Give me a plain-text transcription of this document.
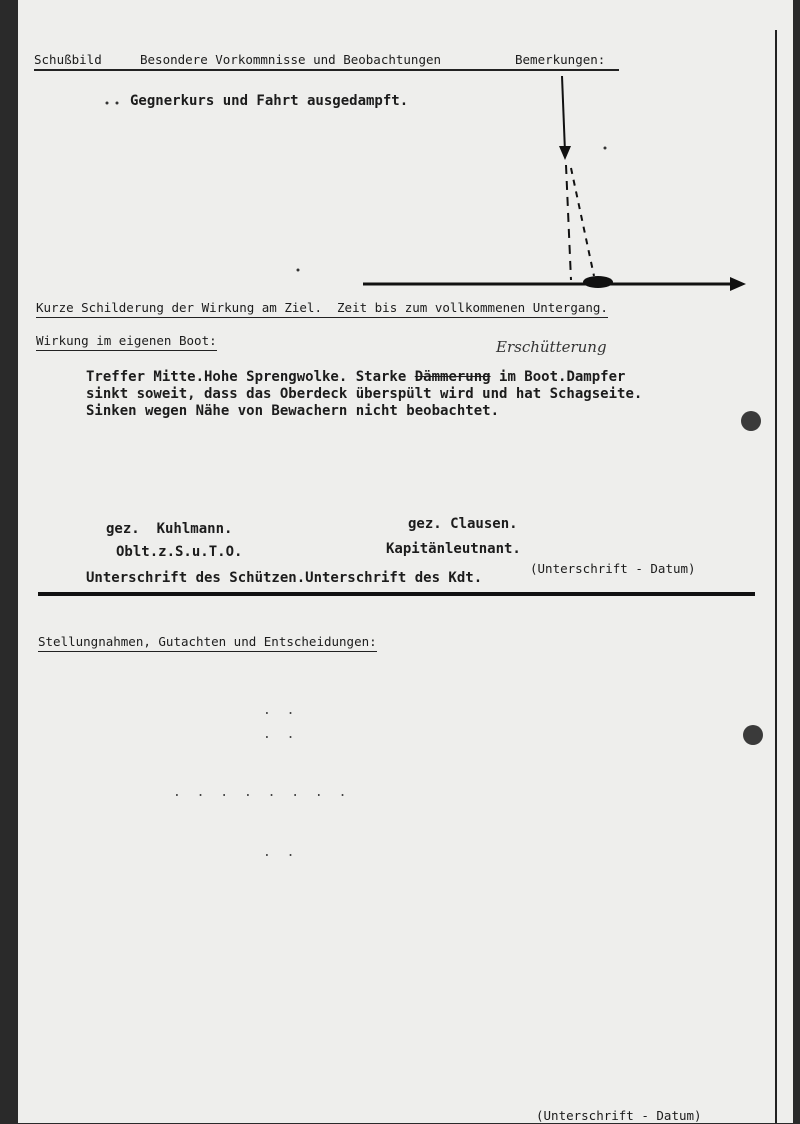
Schußbild	Besondere Vorkommnisse und Beobachtungen	Bemerkungen:
Gegnerkurs und Fahrt ausgedampft.
Kurze Schilderung der Wirkung am Ziel.  Zeit bis zum vollkommenen Untergang.
Wirkung im eigenen Boot:	Erschütterung
Treffer Mitte.Hohe Sprengwolke. Starke Dämmerung im Boot.Dampfer
sinkt soweit, dass das Oberdeck überspült wird und hat Schagseite.
Sinken wegen Nähe von Bewachern nicht beobachtet.
gez.  Kuhlmann.	gez. Clausen.
Oblt.z.S.u.T.O.	Kapitänleutnant.
Unterschrift des Schützen.Unterschrift des Kdt.
(Unterschrift - Datum)
Stellungnahmen, Gutachten und Entscheidungen:
. .
. .
. . . . . . . .
. .
(Unterschrift - Datum)
